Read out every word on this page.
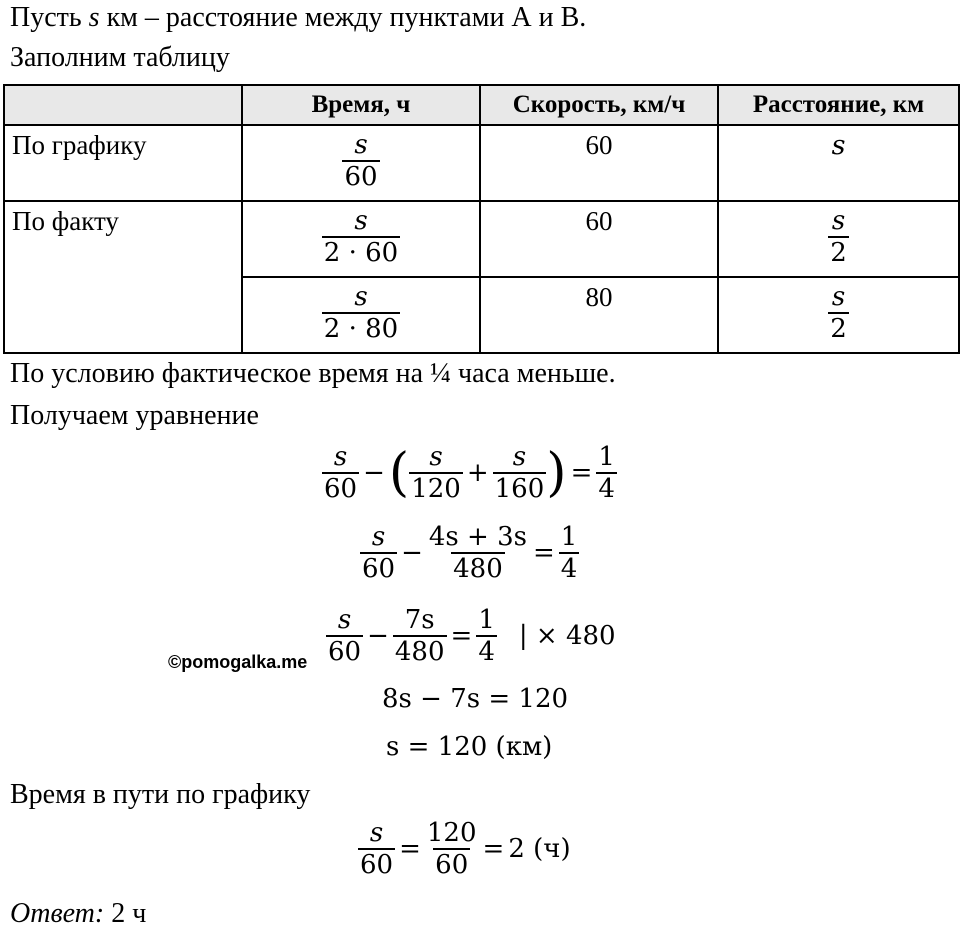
Пусть s км – расстояние между пунктами А и В.
Заполним таблицу
	Время, ч	Скорость, км/ч	Расстояние, км
По графику	$\frac{s}{60}$	60	s
По факту	$\frac{s}{2 \cdot 60}$	60	$\frac{s}{2}$

	$\frac{s}{2 \cdot 80}$	80	$\frac{s}{2}$
По условию фактическое время на ¼ часа меньше.
Получаем уравнение
$\frac{s}{60}$ − ( $\frac{s}{120} + \frac{s}{160}$ ) = $\frac{1}{4}$
$\frac{s}{60} - \frac{4s + 3s}{480} = \frac{1}{4}$
$\frac{s}{60} - \frac{7s}{480} = \frac{1}{4}$ | × 480
©pomogalka.me
8s − 7s = 120
s = 120 (км)
Время в пути по графику
$\frac{s}{60} = \frac{120}{60} = 2$ (ч)
Ответ: 2 ч
